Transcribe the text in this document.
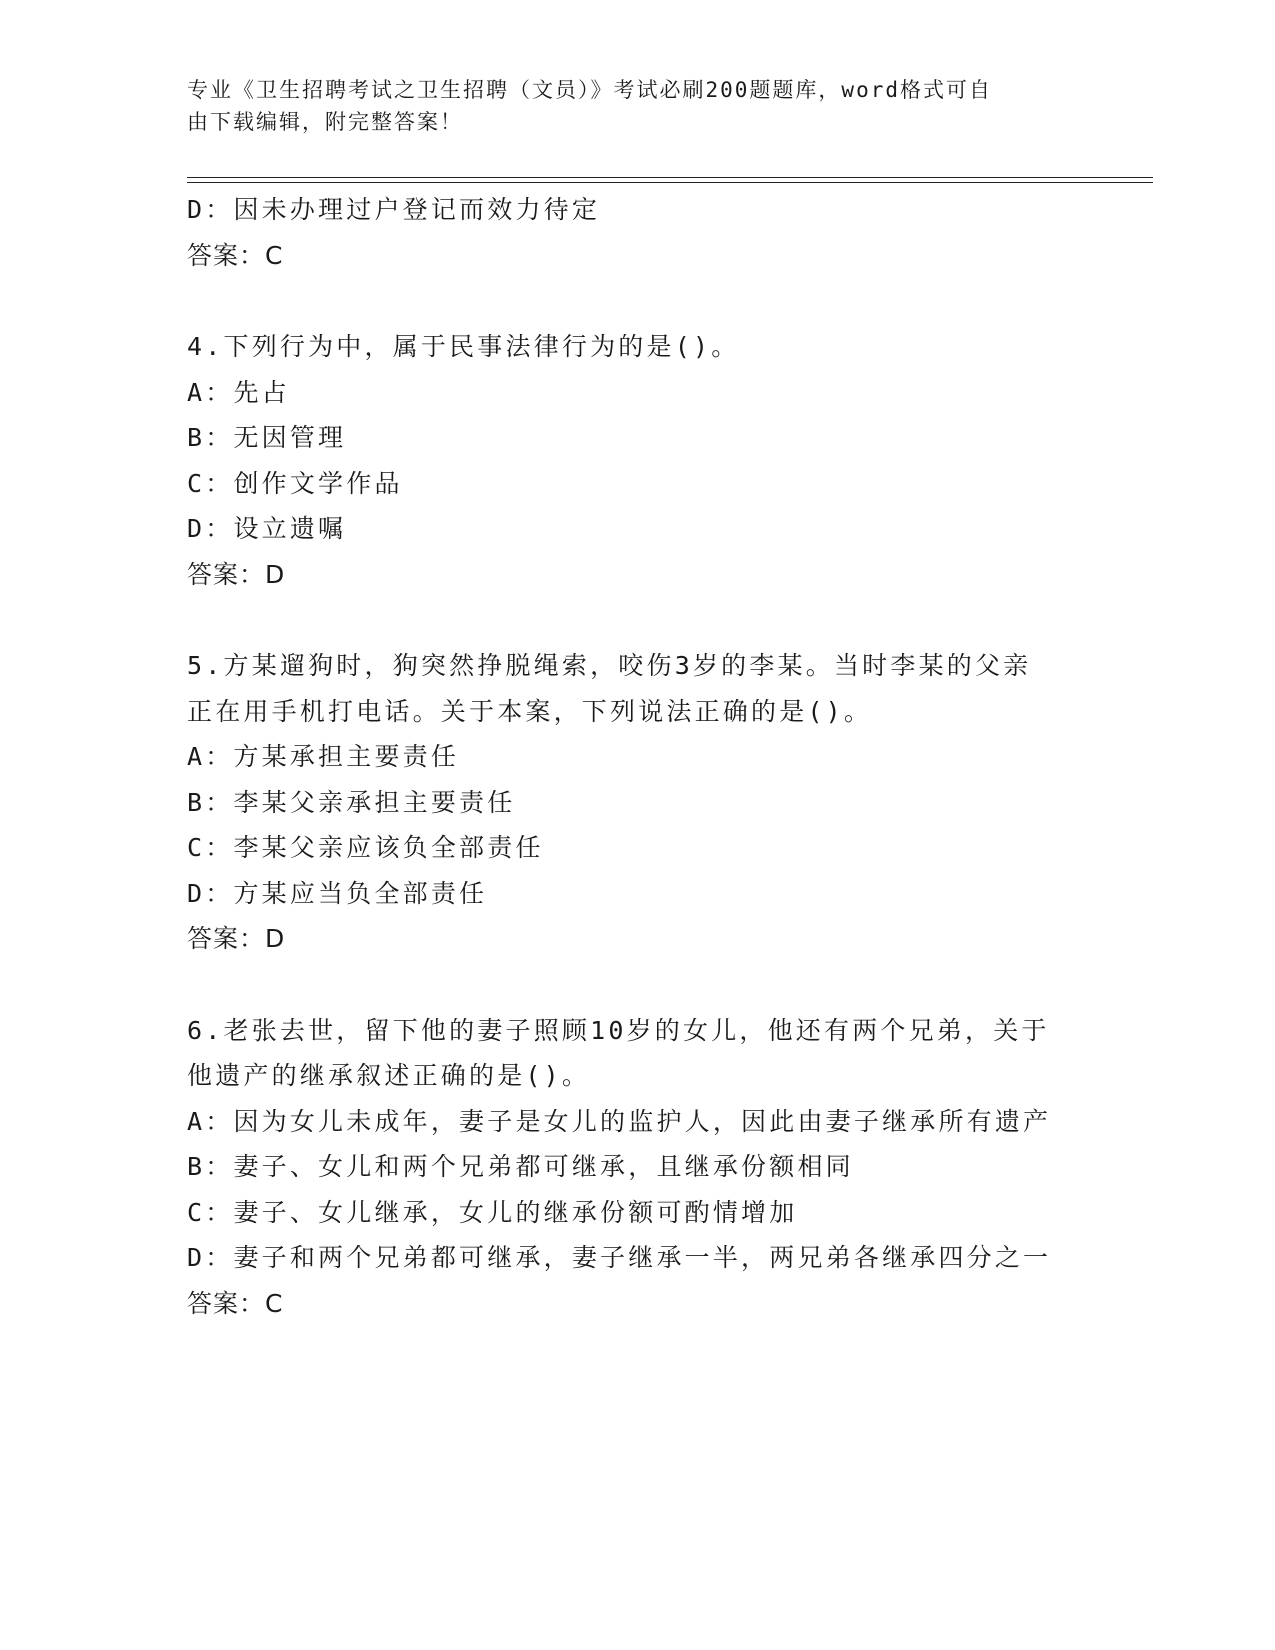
专业《卫生招聘考试之卫生招聘（文员）》考试必刷200题题库，word格式可自
由下载编辑，附完整答案！
D：因未办理过户登记而效力待定
答案：C
4.下列行为中，属于民事法律行为的是()。
A：先占
B：无因管理
C：创作文学作品
D：设立遗嘱
答案：D
5.方某遛狗时，狗突然挣脱绳索，咬伤3岁的李某。当时李某的父亲
正在用手机打电话。关于本案，下列说法正确的是()。
A：方某承担主要责任
B：李某父亲承担主要责任
C：李某父亲应该负全部责任
D：方某应当负全部责任
答案：D
6.老张去世，留下他的妻子照顾10岁的女儿，他还有两个兄弟，关于
他遗产的继承叙述正确的是()。
A：因为女儿未成年，妻子是女儿的监护人，因此由妻子继承所有遗产
B：妻子、女儿和两个兄弟都可继承，且继承份额相同
C：妻子、女儿继承，女儿的继承份额可酌情增加
D：妻子和两个兄弟都可继承，妻子继承一半，两兄弟各继承四分之一
答案：C
